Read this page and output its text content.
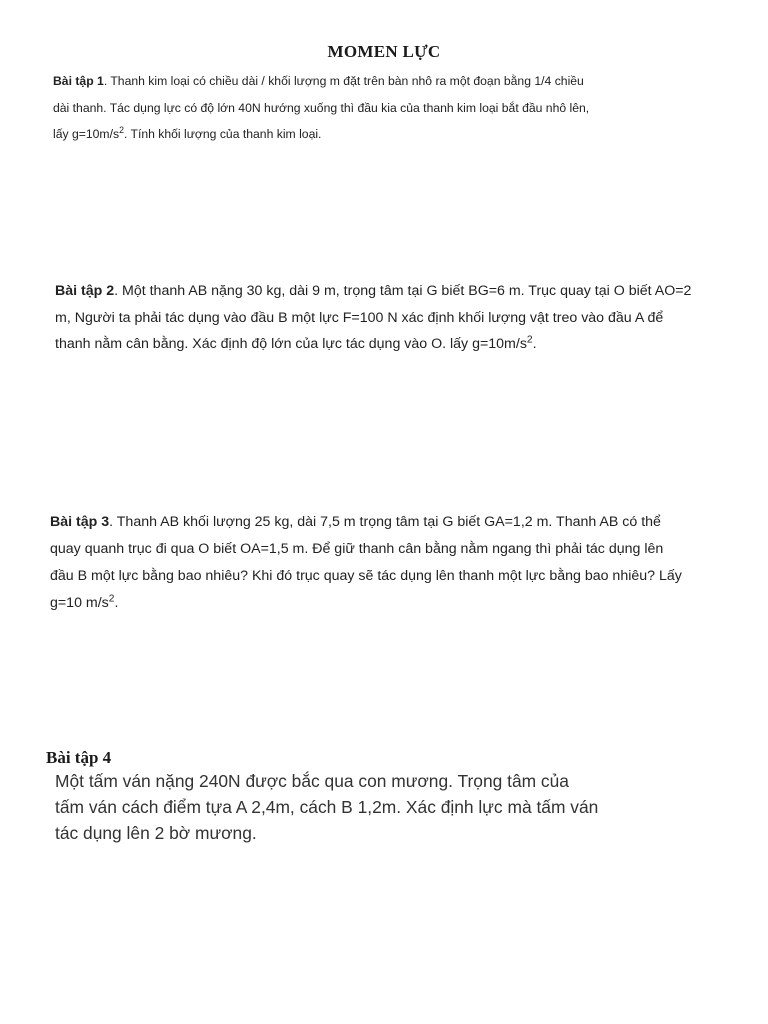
MOMEN LỰC

Bài tập 1. Thanh kim loại có chiều dài / khối lượng m đặt trên bàn nhô ra một đoạn bằng 1/4 chiều

dài thanh. Tác dụng lực có độ lớn 40N hướng xuống thì đầu kia của thanh kim loại bắt đầu nhô lên,

lấy $g=10m/s^2$. Tính khối lượng của thanh kim loại.

Bài tập 2. Một thanh AB nặng 30 kg, dài 9 m, trọng tâm tại G biết BG=6 m. Trục quay tại O biết AO=2

m, Người ta phải tác dụng vào đầu B một lực F=100 N xác định khối lượng vật treo vào đầu A để

thanh nằm cân bằng. Xác định độ lớn của lực tác dụng vào O. lấy $g=10m/s^2$.

Bài tập 3. Thanh AB khối lượng 25 kg, dài 7,5 m trọng tâm tại G biết GA=1,2 m. Thanh AB có thể

quay quanh trục đi qua O biết OA=1,5 m. Để giữ thanh cân bằng nằm ngang thì phải tác dụng lên

đầu B một lực bằng bao nhiêu? Khi đó trục quay sẽ tác dụng lên thanh một lực bằng bao nhiêu? Lấy

g=10 $m/s^2$.

Bài tập 4

Một tấm ván nặng 240N được bắc qua con mương. Trọng tâm của

tấm ván cách điểm tựa A 2,4m, cách B 1,2m. Xác định lực mà tấm ván

tác dụng lên 2 bờ mương.
